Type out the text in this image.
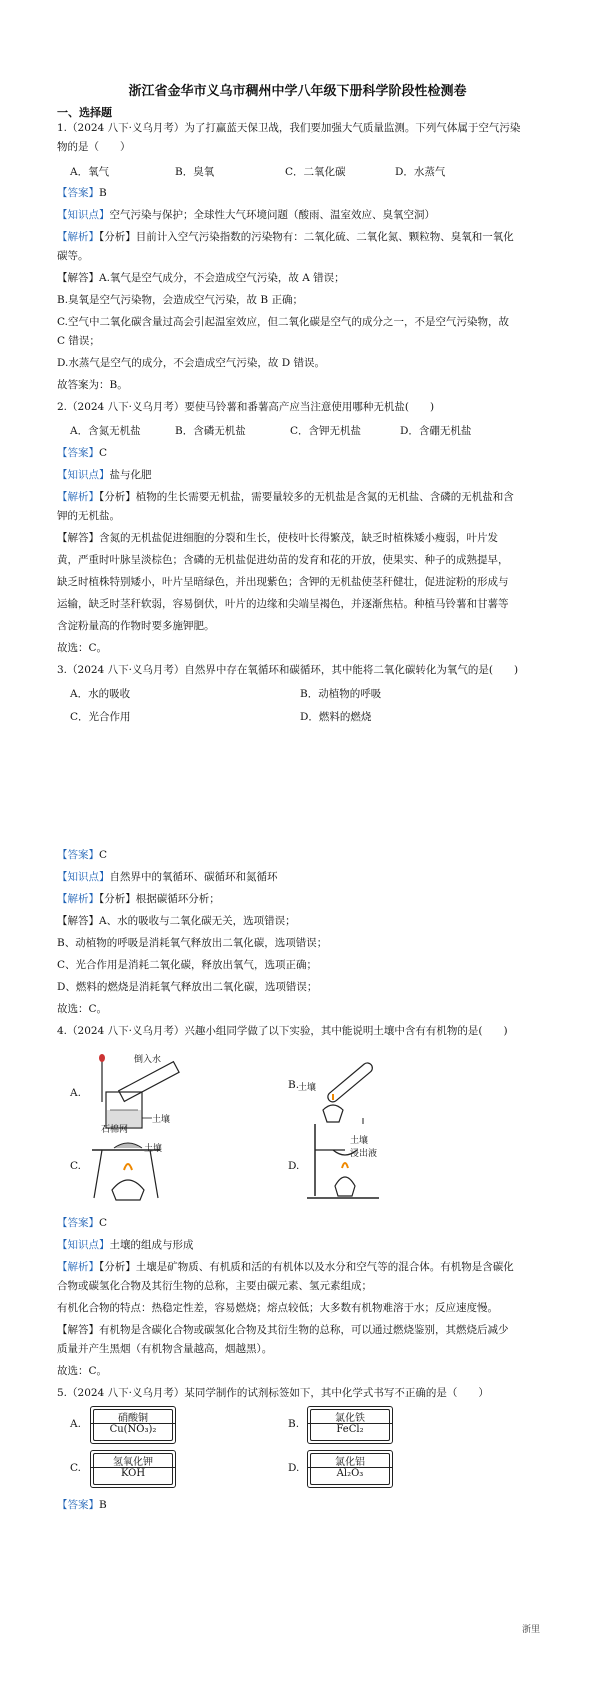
浙江省金华市义乌市稠州中学八年级下册科学阶段性检测卷
一、选择题
1.（2024 八下·义乌月考）为了打赢蓝天保卫战，我们要加强大气质量监测。下列气体属于空气污染
物的是（　　）
A．氧气	B．臭氧	C．二氧化碳	D．水蒸气
【答案】B
【知识点】空气污染与保护；全球性大气环境问题（酸雨、温室效应、臭氧空洞）
【解析】【分析】目前计入空气污染指数的污染物有：二氧化硫、二氧化氮、颗粒物、臭氧和一氧化
碳等。
【解答】A.氧气是空气成分，不会造成空气污染，故 A 错误；
B.臭氧是空气污染物，会造成空气污染，故 B 正确；
C.空气中二氧化碳含量过高会引起温室效应，但二氧化碳是空气的成分之一，不是空气污染物，故
C 错误；
D.水蒸气是空气的成分，不会造成空气污染，故 D 错误。
故答案为：B。
2.（2024 八下·义乌月考）要使马铃薯和番薯高产应当注意使用哪种无机盐(　　)
A．含氮无机盐	B．含磷无机盐	C．含钾无机盐	D．含硼无机盐
【答案】C
【知识点】盐与化肥
【解析】【分析】植物的生长需要无机盐，需要量较多的无机盐是含氮的无机盐、含磷的无机盐和含
钾的无机盐。
【解答】含氮的无机盐促进细胞的分裂和生长，使枝叶长得繁茂，缺乏时植株矮小瘦弱，叶片发
黄，严重时叶脉呈淡棕色；含磷的无机盐促进幼苗的发育和花的开放，使果实、种子的成熟提早，
缺乏时植株特别矮小，叶片呈暗绿色，并出现紫色；含钾的无机盐使茎秆健壮，促进淀粉的形成与
运输，缺乏时茎秆软弱，容易倒伏，叶片的边缘和尖端呈褐色，并逐渐焦枯。种植马铃薯和甘薯等
含淀粉量高的作物时要多施钾肥。
故选：C。
3.（2024 八下·义乌月考）自然界中存在氧循环和碳循环，其中能将二氧化碳转化为氧气的是(　　)
A．水的吸收	B．动植物的呼吸
C．光合作用	D．燃料的燃烧
【答案】C
【知识点】自然界中的氧循环、碳循环和氮循环
【解析】【分析】根据碳循环分析；
【解答】A、水的吸收与二氧化碳无关，选项错误；
B、动植物的呼吸是消耗氧气释放出二氧化碳，选项错误；
C、光合作用是消耗二氧化碳，释放出氧气，选项正确；
D、燃料的燃烧是消耗氧气释放出二氧化碳，选项错误；
故选：C。
4.（2024 八下·义乌月考）兴趣小组同学做了以下实验，其中能说明土壤中含有有机物的是(　　)
A.
倒入水
土壤
B.
土壤
C.
石棉网
土壤
D.
土壤
浸出液
【答案】C
【知识点】土壤的组成与形成
【解析】【分析】土壤是矿物质、有机质和活的有机体以及水分和空气等的混合体。有机物是含碳化
合物或碳氢化合物及其衍生物的总称，主要由碳元素、氢元素组成；
有机化合物的特点：热稳定性差，容易燃烧；熔点较低；大多数有机物难溶于水；反应速度慢。
【解答】有机物是含碳化合物或碳氢化合物及其衍生物的总称，可以通过燃烧鉴别，其燃烧后减少
质量并产生黑烟（有机物含量越高，烟越黑）。
故选：C。
5.（2024 八下·义乌月考）某同学制作的试剂标签如下，其中化学式书写不正确的是（　　）
A.	硝酸铜
Cu(NO₃)₂	B.	氯化铁
FeCl₂
C.	氢氧化钾
KOH	D.	氯化铝
Al₂O₃
【答案】B
浙里
